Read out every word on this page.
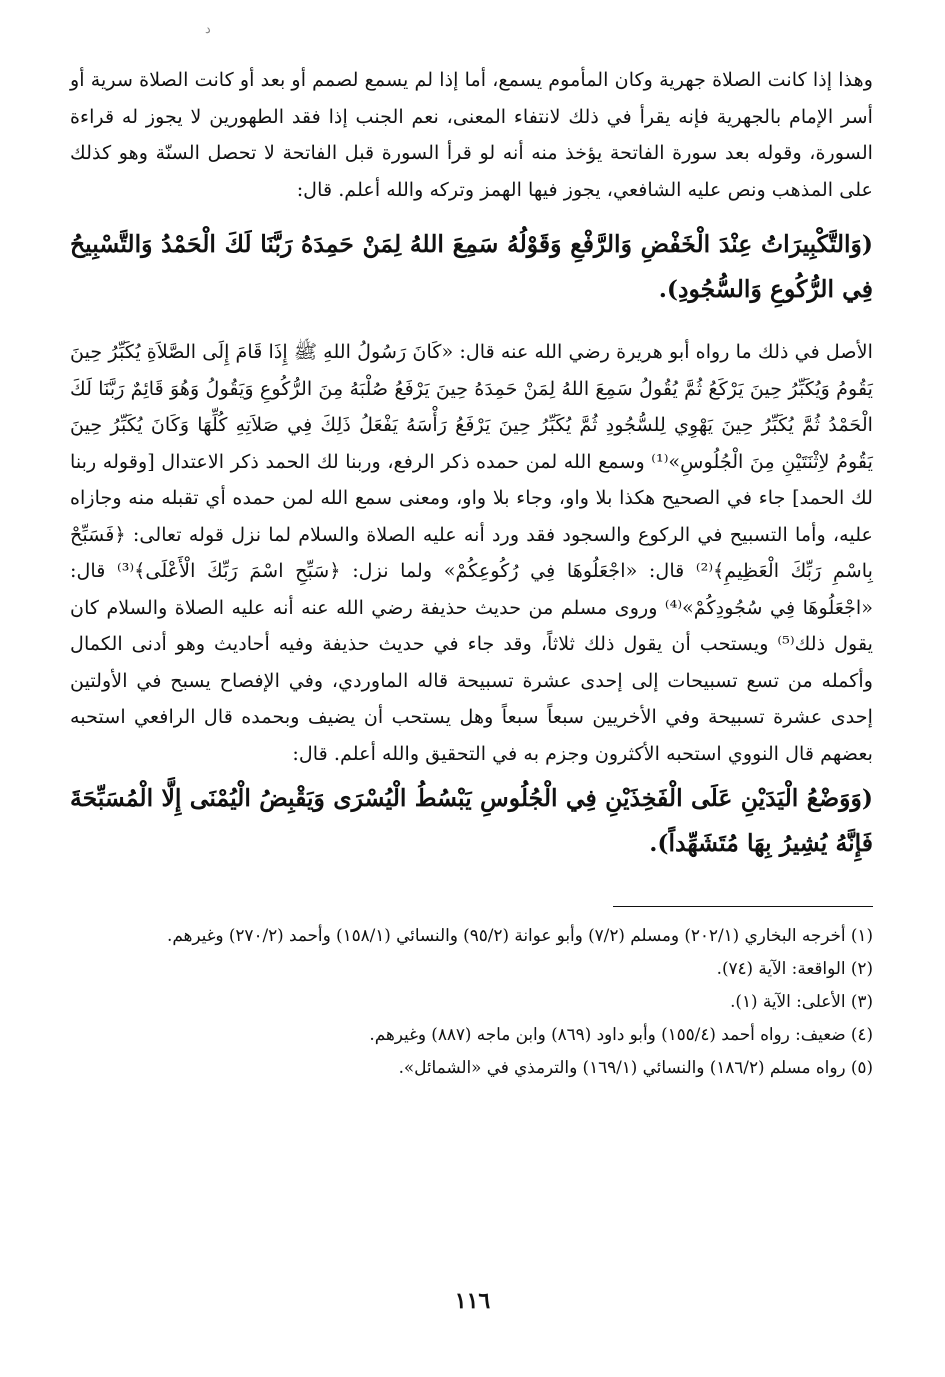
د

وهذا إذا كانت الصلاة جهرية وكان المأموم يسمع، أما إذا لم يسمع لصمم أو بعد أو كانت الصلاة سرية أو أسر الإمام بالجهرية فإنه يقرأ في ذلك لانتفاء المعنى، نعم الجنب إذا فقد الطهورين لا يجوز له قراءة السورة، وقوله بعد سورة الفاتحة يؤخذ منه أنه لو قرأ السورة قبل الفاتحة لا تحصل السنّة وهو كذلك على المذهب ونص عليه الشافعي، يجوز فيها الهمز وتركه والله أعلم. قال:

(وَالتَّكْبِيرَاتُ عِنْدَ الْخَفْضِ وَالرَّفْعِ وَقَوْلُهُ سَمِعَ اللهُ لِمَنْ حَمِدَهُ رَبَّنَا لَكَ الْحَمْدُ وَالتَّسْبِيحُ فِي الرُّكُوعِ وَالسُّجُودِ).

الأصل في ذلك ما رواه أبو هريرة رضي الله عنه قال: «كَانَ رَسُولُ اللهِ ﷺ إِذَا قَامَ إِلَى الصَّلاَةِ يُكَبِّرُ حِينَ يَقُومُ وَيُكَبِّرُ حِينَ يَرْكَعُ ثُمَّ يُقُولُ سَمِعَ اللهُ لِمَنْ حَمِدَهُ حِينَ يَرْفَعُ صُلْبَهُ مِنَ الرُّكُوعِ وَيَقُولُ وَهُوَ قَائِمٌ رَبَّنَا لَكَ الْحَمْدُ ثُمَّ يُكَبِّرُ حِينَ يَهْوِي لِلسُّجُودِ ثُمَّ يُكَبِّرُ حِينَ يَرْفَعُ رَأْسَهُ يَفْعَلُ ذَلِكَ فِي صَلاَتِهِ كُلِّهَا وَكَانَ يُكَبِّرُ حِينَ يَقُومُ لاِثْنَتَيْنِ مِنَ الْجُلُوسِ»⁽¹⁾ وسمع الله لمن حمده ذكر الرفع، وربنا لك الحمد ذكر الاعتدال [وقوله ربنا لك الحمد] جاء في الصحيح هكذا بلا واو، وجاء بلا واو، ومعنى سمع الله لمن حمده أي تقبله منه وجازاه عليه، وأما التسبيح في الركوع والسجود فقد ورد أنه عليه الصلاة والسلام لما نزل قوله تعالى: ﴿فَسَبِّحْ بِاسْمِ رَبِّكَ الْعَظِيمِ﴾⁽²⁾ قال: «اجْعَلُوهَا فِي رُكُوعِكُمْ» ولما نزل: ﴿سَبِّحِ اسْمَ رَبِّكَ الْأَعْلَى﴾⁽³⁾ قال: «اجْعَلُوهَا فِي سُجُودِكُمْ»⁽⁴⁾ وروى مسلم من حديث حذيفة رضي الله عنه أنه عليه الصلاة والسلام كان يقول ذلك⁽⁵⁾ ويستحب أن يقول ذلك ثلاثاً، وقد جاء في حديث حذيفة وفيه أحاديث وهو أدنى الكمال وأكمله من تسع تسبيحات إلى إحدى عشرة تسبيحة قاله الماوردي، وفي الإفصاح يسبح في الأولتين إحدى عشرة تسبيحة وفي الأخريين سبعاً سبعاً وهل يستحب أن يضيف وبحمده قال الرافعي استحبه بعضهم قال النووي استحبه الأكثرون وجزم به في التحقيق والله أعلم. قال:

(وَوَضْعُ الْيَدَيْنِ عَلَى الْفَخِذَيْنِ فِي الْجُلُوسِ يَبْسُطُ الْيُسْرَى وَيَقْبِضُ الْيُمْنَى إِلَّا الْمُسَبِّحَةَ فَإِنَّهُ يُشِيرُ بِهَا مُتَشَهِّداً).

(١) أخرجه البخاري (٢٠٢/١) ومسلم (٧/٢) وأبو عوانة (٩٥/٢) والنسائي (١٥٨/١) وأحمد (٢٧٠/٢) وغيرهم.

(٢) الواقعة: الآية (٧٤).

(٣) الأعلى: الآية (١).

(٤) ضعيف: رواه أحمد (١٥٥/٤) وأبو داود (٨٦٩) وابن ماجه (٨٨٧) وغيرهم.

(٥) رواه مسلم (١٨٦/٢) والنسائي (١٦٩/١) والترمذي في «الشمائل».

١١٦
